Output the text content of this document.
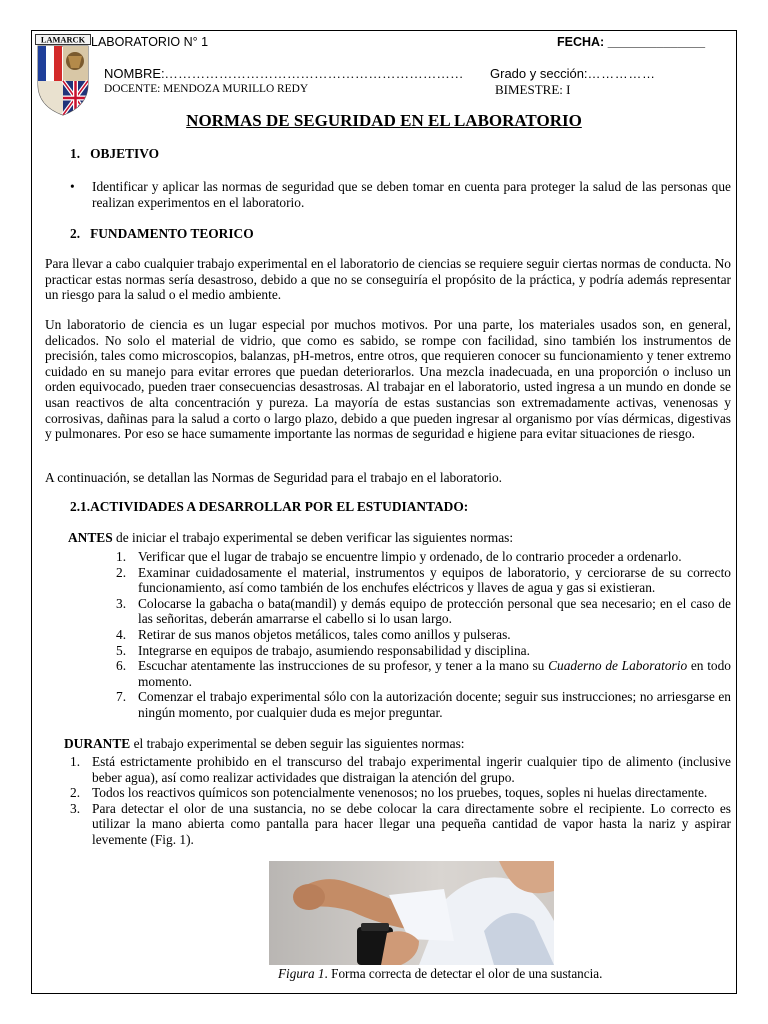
LAMARCK LABORATORIO N° 1	FECHA: ______________
NOMBRE:………………………………………………………… Grado y sección:……………
DOCENTE: MENDOZA MURILLO REDY	BIMESTRE: I
NORMAS DE SEGURIDAD EN EL LABORATORIO
1.   OBJETIVO
• Identificar y aplicar las normas de seguridad que se deben tomar en cuenta para proteger la salud de las personas que realizan experimentos en el laboratorio.
2.   FUNDAMENTO TEORICO
Para llevar a cabo cualquier trabajo experimental en el laboratorio de ciencias se requiere seguir ciertas normas de conducta. No practicar estas normas sería desastroso, debido a que no se conseguiría el propósito de la práctica, y podría además representar un riesgo para la salud o el medio ambiente.
Un laboratorio de ciencia es un lugar especial por muchos motivos. Por una parte, los materiales usados son, en general, delicados. No solo el material de vidrio, que como es sabido, se rompe con facilidad, sino también los instrumentos de precisión, tales como microscopios, balanzas, pH-metros, entre otros, que requieren conocer su funcionamiento y tener extremo cuidado en su manejo para evitar errores que puedan deteriorarlos. Una mezcla inadecuada, en una proporción o incluso un orden equivocado, pueden traer consecuencias desastrosas. Al trabajar en el laboratorio, usted ingresa a un mundo en donde se usan reactivos de alta concentración y pureza. La mayoría de estas sustancias son extremadamente activas, venenosas y corrosivas, dañinas para la salud a corto o largo plazo, debido a que pueden ingresar al organismo por vías dérmicas, digestivas y pulmonares. Por eso se hace sumamente importante las normas de seguridad e higiene para evitar situaciones de riesgo.
A continuación, se detallan las Normas de Seguridad para el trabajo en el laboratorio.
2.1.ACTIVIDADES A DESARROLLAR POR EL ESTUDIANTADO:
ANTES de iniciar el trabajo experimental se deben verificar las siguientes normas:
1. Verificar que el lugar de trabajo se encuentre limpio y ordenado, de lo contrario proceder a ordenarlo.
2. Examinar cuidadosamente el material, instrumentos y equipos de laboratorio, y cerciorarse de su correcto funcionamiento, así como también de los enchufes eléctricos y llaves de agua y gas si existieran.
3. Colocarse la gabacha o bata(mandil) y demás equipo de protección personal que sea necesario; en el caso de las señoritas, deberán amarrarse el cabello si lo usan largo.
4. Retirar de sus manos objetos metálicos, tales como anillos y pulseras.
5. Integrarse en equipos de trabajo, asumiendo responsabilidad y disciplina.
6. Escuchar atentamente las instrucciones de su profesor, y tener a la mano su Cuaderno de Laboratorio en todo momento.
7. Comenzar el trabajo experimental sólo con la autorización docente; seguir sus instrucciones; no arriesgarse en ningún momento, por cualquier duda es mejor preguntar.
DURANTE el trabajo experimental se deben seguir las siguientes normas:
1. Está estrictamente prohibido en el transcurso del trabajo experimental ingerir cualquier tipo de alimento (inclusive beber agua), así como realizar actividades que distraigan la atención del grupo.
2. Todos los reactivos químicos son potencialmente venenosos; no los pruebes, toques, soples ni huelas directamente.
3. Para detectar el olor de una sustancia, no se debe colocar la cara directamente sobre el recipiente. Lo correcto es utilizar la mano abierta como pantalla para hacer llegar una pequeña cantidad de vapor hasta la nariz y aspirar levemente (Fig. 1).
Figura 1. Forma correcta de detectar el olor de una sustancia.
